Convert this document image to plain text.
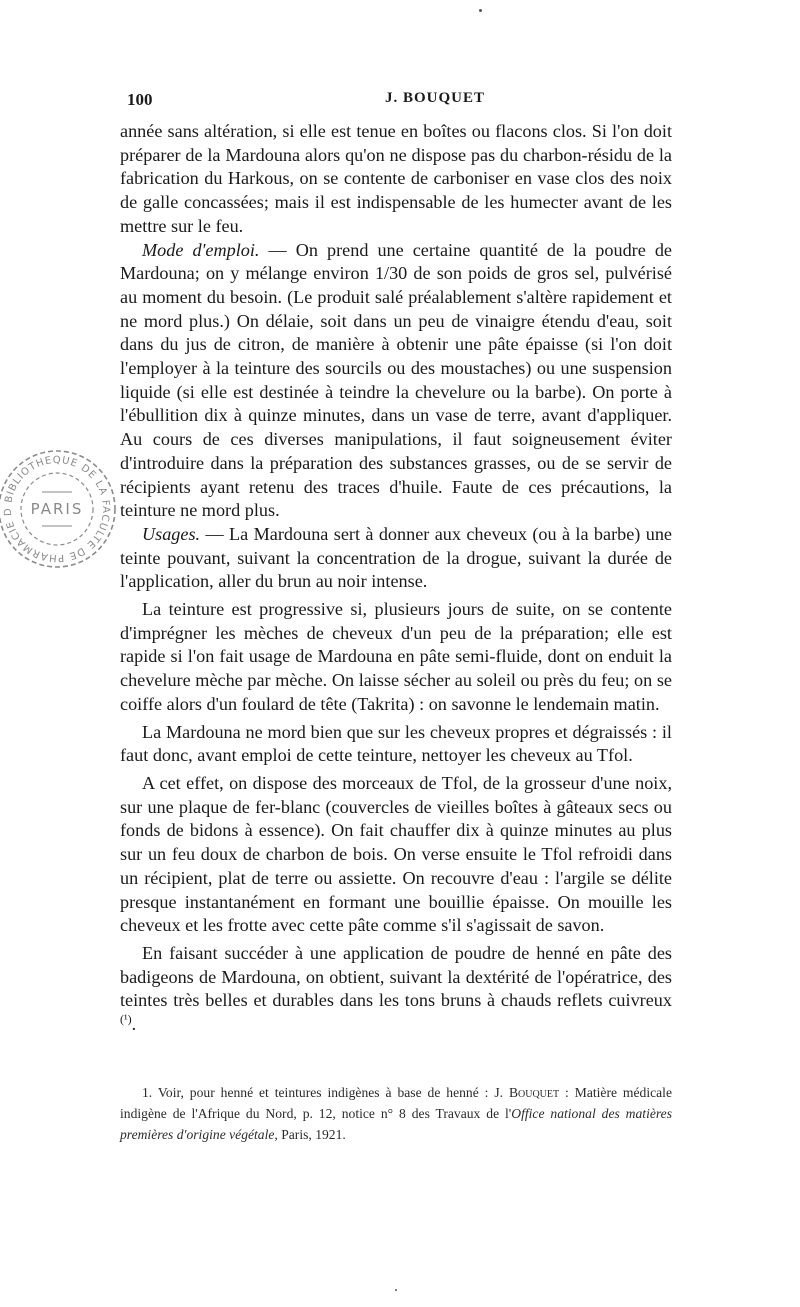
100	J. BOUQUET
BIBLIOTHEQUE DE LA FACULTE DE PHARMACIE D	PARIS

année sans altération, si elle est tenue en boîtes ou flacons clos. Si l'on doit préparer de la Mardouna alors qu'on ne dispose pas du charbon-résidu de la fabrication du Harkous, on se contente de carboniser en vase clos des noix de galle concassées; mais il est indispensable de les humecter avant de les mettre sur le feu.

Mode d'emploi. — On prend une certaine quantité de la poudre de Mardouna; on y mélange environ 1/30 de son poids de gros sel, pulvérisé au moment du besoin. (Le produit salé préalablement s'altère rapidement et ne mord plus.) On délaie, soit dans un peu de vinaigre étendu d'eau, soit dans du jus de citron, de manière à obtenir une pâte épaisse (si l'on doit l'employer à la teinture des sourcils ou des moustaches) ou une suspension liquide (si elle est destinée à teindre la chevelure ou la barbe). On porte à l'ébullition dix à quinze minutes, dans un vase de terre, avant d'appliquer. Au cours de ces diverses manipulations, il faut soigneusement éviter d'introduire dans la préparation des substances grasses, ou de se servir de récipients ayant retenu des traces d'huile. Faute de ces précautions, la teinture ne mord plus.

Usages. — La Mardouna sert à donner aux cheveux (ou à la barbe) une teinte pouvant, suivant la concentration de la drogue, suivant la durée de l'application, aller du brun au noir intense.

La teinture est progressive si, plusieurs jours de suite, on se contente d'imprégner les mèches de cheveux d'un peu de la préparation; elle est rapide si l'on fait usage de Mardouna en pâte semi-fluide, dont on enduit la chevelure mèche par mèche. On laisse sécher au soleil ou près du feu; on se coiffe alors d'un foulard de tête (Takrita) : on savonne le lendemain matin.

La Mardouna ne mord bien que sur les cheveux propres et dégraissés : il faut donc, avant emploi de cette teinture, nettoyer les cheveux au Tfol.

A cet effet, on dispose des morceaux de Tfol, de la grosseur d'une noix, sur une plaque de fer-blanc (couvercles de vieilles boîtes à gâteaux secs ou fonds de bidons à essence). On fait chauffer dix à quinze minutes au plus sur un feu doux de charbon de bois. On verse ensuite le Tfol refroidi dans un récipient, plat de terre ou assiette. On recouvre d'eau : l'argile se délite presque instantanément en formant une bouillie épaisse. On mouille les cheveux et les frotte avec cette pâte comme s'il s'agissait de savon.

En faisant succéder à une application de poudre de henné en pâte des badigeons de Mardouna, on obtient, suivant la dextérité de l'opératrice, des teintes très belles et durables dans les tons bruns à chauds reflets cuivreux $^{(^1)}$.

1. Voir, pour henné et teintures indigènes à base de henné : J. Bouquet : Matière médicale indigène de l'Afrique du Nord, p. 12, notice n° 8 des Travaux de l'Office national des matières premières d'origine végétale, Paris, 1921.
